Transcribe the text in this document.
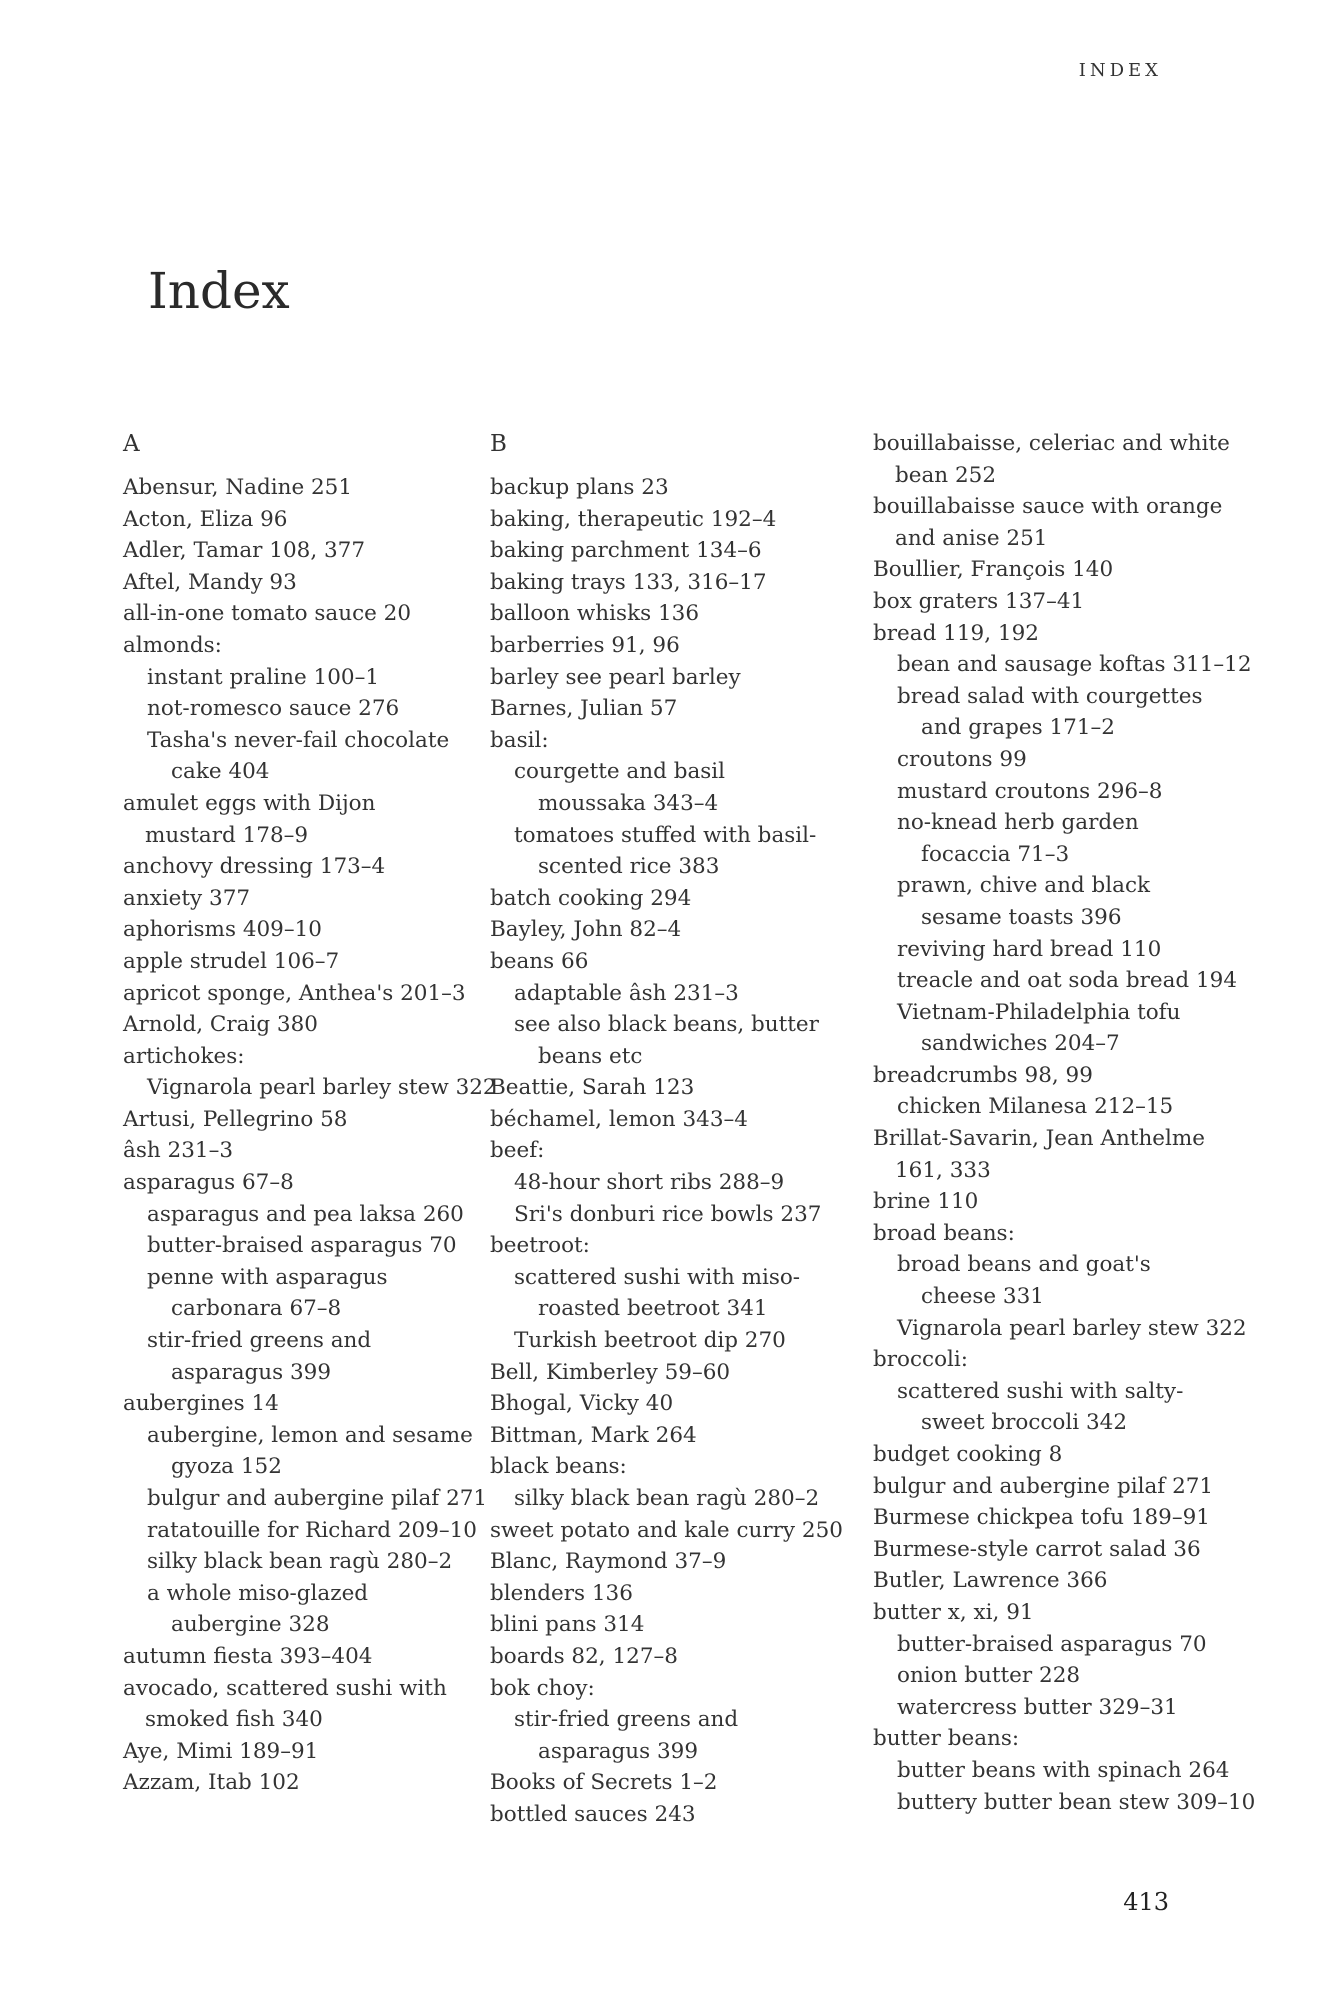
INDEX
Index
A
Abensur, Nadine 251
Acton, Eliza 96
Adler, Tamar 108, 377
Aftel, Mandy 93
all-in-one tomato sauce 20
almonds:
instant praline 100–1
not-romesco sauce 276
Tasha's never-fail chocolate
cake 404
amulet eggs with Dijon
mustard 178–9
anchovy dressing 173–4
anxiety 377
aphorisms 409–10
apple strudel 106–7
apricot sponge, Anthea's 201–3
Arnold, Craig 380
artichokes:
Vignarola pearl barley stew 322
Artusi, Pellegrino 58
âsh 231–3
asparagus 67–8
asparagus and pea laksa 260
butter-braised asparagus 70
penne with asparagus
carbonara 67–8
stir-fried greens and
asparagus 399
aubergines 14
aubergine, lemon and sesame
gyoza 152
bulgur and aubergine pilaf 271
ratatouille for Richard 209–10
silky black bean ragù 280–2
a whole miso-glazed
aubergine 328
autumn fiesta 393–404
avocado, scattered sushi with
smoked fish 340
Aye, Mimi 189–91
Azzam, Itab 102
B
backup plans 23
baking, therapeutic 192–4
baking parchment 134–6
baking trays 133, 316–17
balloon whisks 136
barberries 91, 96
barley see pearl barley
Barnes, Julian 57
basil:
courgette and basil
moussaka 343–4
tomatoes stuffed with basil-
scented rice 383
batch cooking 294
Bayley, John 82–4
beans 66
adaptable âsh 231–3
see also black beans, butter
beans etc
Beattie, Sarah 123
béchamel, lemon 343–4
beef:
48-hour short ribs 288–9
Sri's donburi rice bowls 237
beetroot:
scattered sushi with miso-
roasted beetroot 341
Turkish beetroot dip 270
Bell, Kimberley 59–60
Bhogal, Vicky 40
Bittman, Mark 264
black beans:
silky black bean ragù 280–2
sweet potato and kale curry 250
Blanc, Raymond 37–9
blenders 136
blini pans 314
boards 82, 127–8
bok choy:
stir-fried greens and
asparagus 399
Books of Secrets 1–2
bottled sauces 243
bouillabaisse, celeriac and white
bean 252
bouillabaisse sauce with orange
and anise 251
Boullier, François 140
box graters 137–41
bread 119, 192
bean and sausage koftas 311–12
bread salad with courgettes
and grapes 171–2
croutons 99
mustard croutons 296–8
no-knead herb garden
focaccia 71–3
prawn, chive and black
sesame toasts 396
reviving hard bread 110
treacle and oat soda bread 194
Vietnam-Philadelphia tofu
sandwiches 204–7
breadcrumbs 98, 99
chicken Milanesa 212–15
Brillat-Savarin, Jean Anthelme
161, 333
brine 110
broad beans:
broad beans and goat's
cheese 331
Vignarola pearl barley stew 322
broccoli:
scattered sushi with salty-
sweet broccoli 342
budget cooking 8
bulgur and aubergine pilaf 271
Burmese chickpea tofu 189–91
Burmese-style carrot salad 36
Butler, Lawrence 366
butter x, xi, 91
butter-braised asparagus 70
onion butter 228
watercress butter 329–31
butter beans:
butter beans with spinach 264
buttery butter bean stew 309–10
413
